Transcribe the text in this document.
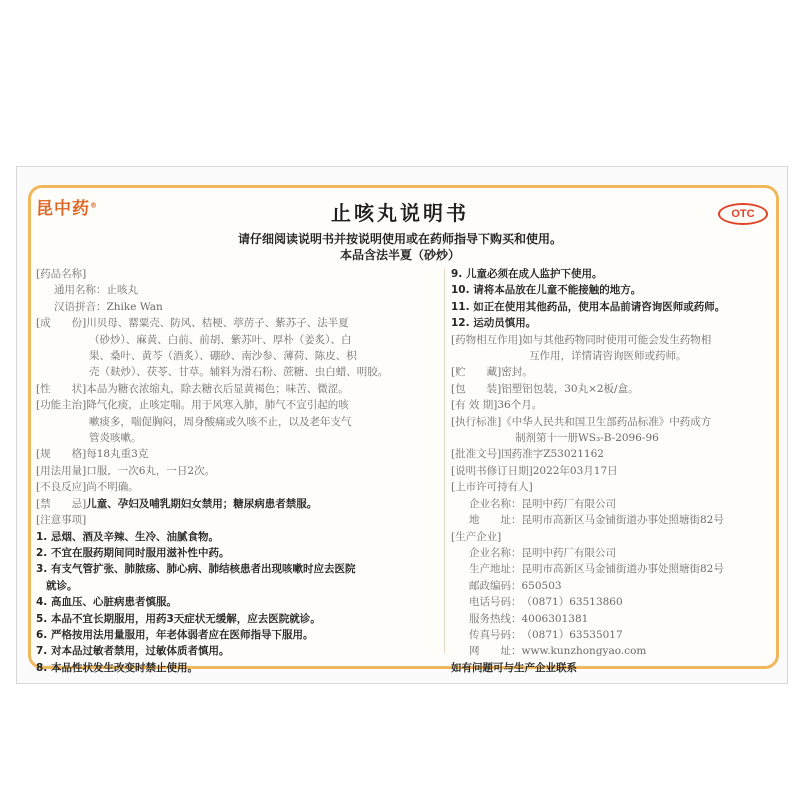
昆中药®	止咳丸说明书	OTC
请仔细阅读说明书并按说明使用或在药师指导下购买和使用。
本品含法半夏（砂炒）
[药品名称]
通用名称： 止咳丸
汉语拼音： Zhike Wan
[成　　份] 川贝母、罂粟壳、防风、桔梗、葶苈子、紫苏子、法半夏
（砂炒）、麻黄、白前、前胡、紫苏叶、厚朴（姜炙）、白
果、桑叶、黄芩（酒炙）、硼砂、南沙参、薄荷、陈皮、枳
壳（麸炒）、茯苓、甘草。辅料为滑石粉、蔗糖、虫白蜡、明胶。
[性　　状] 本品为糖衣浓缩丸，除去糖衣后显黄褐色；味苦、微涩。
[功能主治] 降气化痰，止咳定喘。用于风寒入肺，肺气不宣引起的咳
嗽痰多，喘促胸闷，周身酸痛或久咳不止，以及老年支气
管炎咳嗽。
[规　　格] 每18丸重3克
[用法用量] 口服，一次6丸，一日2次。
[不良反应] 尚不明确。
[禁　　忌] 儿童、孕妇及哺乳期妇女禁用；糖尿病患者禁服。
[注意事项]
1. 忌烟、酒及辛辣、生冷、油腻食物。
2. 不宜在服药期间同时服用滋补性中药。
3. 有支气管扩张、肺脓疡、肺心病、肺结核患者出现咳嗽时应去医院
就诊。
4. 高血压、心脏病患者慎服。
5. 本品不宜长期服用，用药3天症状无缓解，应去医院就诊。
6. 严格按用法用量服用，年老体弱者应在医师指导下服用。
7. 对本品过敏者禁用，过敏体质者慎用。
8. 本品性状发生改变时禁止使用。
9. 儿童必须在成人监护下使用。
10. 请将本品放在儿童不能接触的地方。
11. 如正在使用其他药品，使用本品前请咨询医师或药师。
12. 运动员慎用。
[药物相互作用] 如与其他药物同时使用可能会发生药物相
互作用，详情请咨询医师或药师。
[贮　　藏] 密封。
[包　　装] 铝塑铝包装，30丸×2板/盒。
[有 效 期] 36个月。
[执行标准] 《中华人民共和国卫生部药品标准》中药成方
制剂第十一册WS₃-B-2096-96
[批准文号] 国药准字Z53021162
[说明书修订日期] 2022年03月17日
[上市许可持有人]
企业名称： 昆明中药厂有限公司
地　　址： 昆明市高新区马金铺街道办事处照塘街82号
[生产企业]
企业名称： 昆明中药厂有限公司
生产地址： 昆明市高新区马金铺街道办事处照塘街82号
邮政编码： 650503
电话号码： （0871）63513860
服务热线： 4006301381
传真号码： （0871）63535017
网　　址： www.kunzhongyao.com
如有问题可与生产企业联系
